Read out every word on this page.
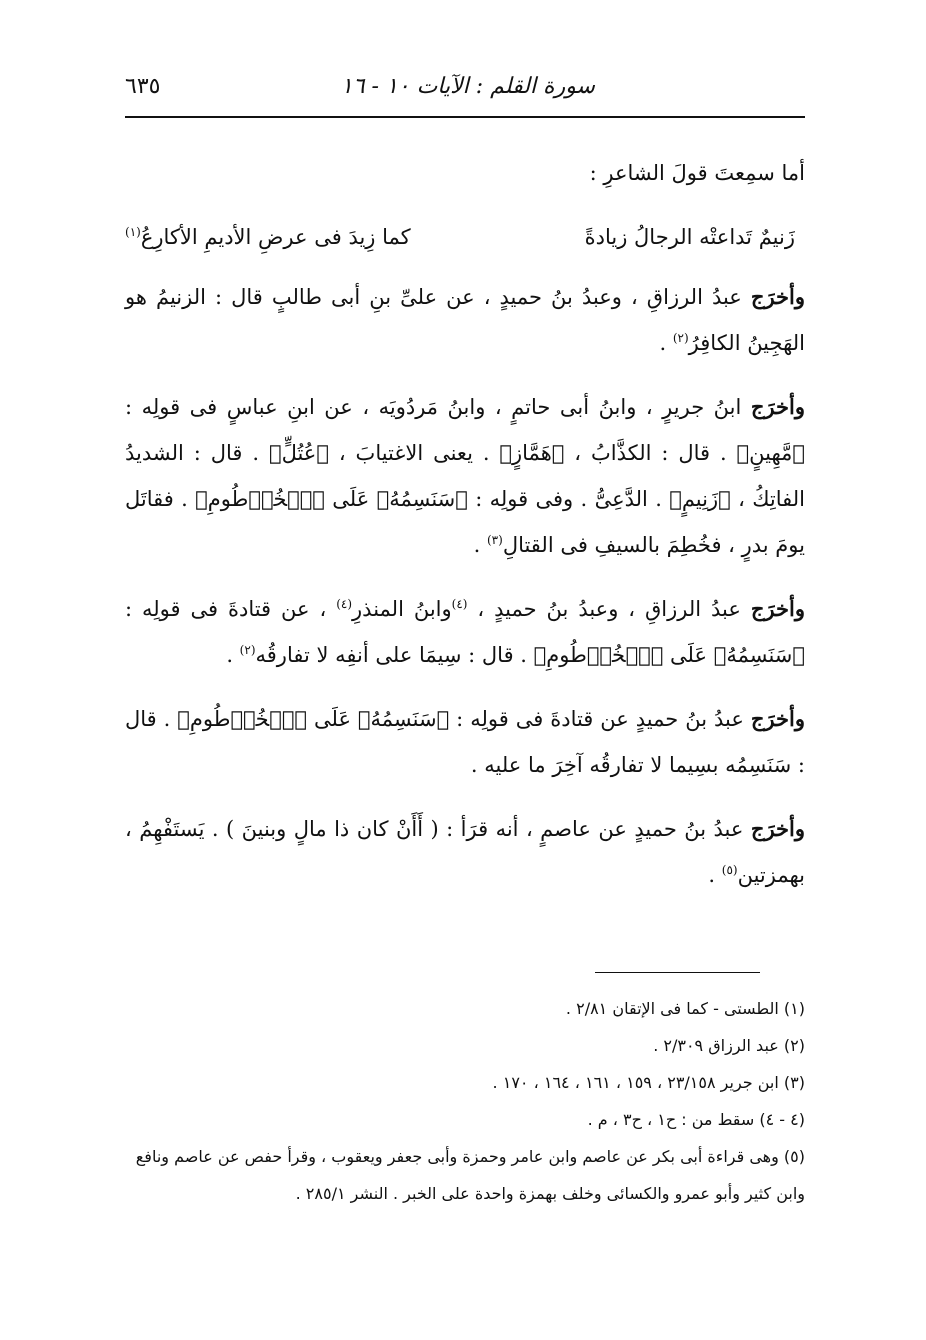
سورة القلم : الآيات ١٠ - ١٦
٦٣٥

أما سمِعتَ قولَ الشاعرِ :

زَنيمٌ تَداعتْه الرجالُ زيادةً
كما زِيدَ فى عرضِ الأديمِ الأكارِعُ$^{(١)}$

وأخرَج عبدُ الرزاقِ ، وعبدُ بنُ حميدٍ ، عن علىِّ بنِ أبى طالبٍ قال : الزنيمُ هو الهَجِينُ الكافِرُ$^{(٢)}$ .

وأخرَج ابنُ جريرٍ ، وابنُ أبى حاتمٍ ، وابنُ مَردُويَه ، عن ابنِ عباسٍ فى قولِه : ﴿مَّهِينٍ﴾ . قال : الكذَّابُ ، ﴿هَمَّازٍ﴾ . يعنى الاغتيابَ ، ﴿عُتُلٍّ﴾ . قال : الشديدُ الفاتِكُ ، ﴿زَنِيمٍ﴾ . الدَّعِىُّ . وفى قولِه : ﴿سَنَسِمُهُۥ عَلَى ٱلۡخُرۡطُومِ﴾ . فقاتَل يومَ بدرٍ ، فخُطِمَ بالسيفِ فى القتالِ$^{(٣)}$ .

وأخرَج عبدُ الرزاقِ ، وعبدُ بنُ حميدٍ ، $^{(٤)}$وابنُ المنذرِ$^{(٤)}$ ، عن قتادةَ فى قولِه : ﴿سَنَسِمُهُۥ عَلَى ٱلۡخُرۡطُومِ﴾ . قال : سِيمَا على أنفِه لا تفارقُه$^{(٢)}$ .

وأخرَج عبدُ بنُ حميدٍ عن قتادةَ فى قولِه : ﴿سَنَسِمُهُۥ عَلَى ٱلۡخُرۡطُومِ﴾ . قال : سَنَسِمُه بسِيما لا تفارقُه آخِرَ ما عليه .

وأخرَج عبدُ بنُ حميدٍ عن عاصمٍ ، أنه قرَأ : ( أَأَنْ كان ذا مالٍ وبنينَ ) . يَستَفْهِمُ ، بهمزتين$^{(٥)}$ .

(١) الطستى - كما فى الإتقان ٢/٨١ .
(٢) عبد الرزاق ٢/٣٠٩ .
(٣) ابن جرير ٢٣/١٥٨ ، ١٥٩ ، ١٦١ ، ١٦٤ ، ١٧٠ .
(٤ - ٤) سقط من : ح١ ، ح٣ ، م .
(٥) وهى قراءة أبى بكر عن عاصم وابن عامر وحمزة وأبى جعفر ويعقوب ، وقرأ حفص عن عاصم ونافع
وابن كثير وأبو عمرو والكسائى وخلف بهمزة واحدة على الخبر . النشر ٢٨٥/١ .
